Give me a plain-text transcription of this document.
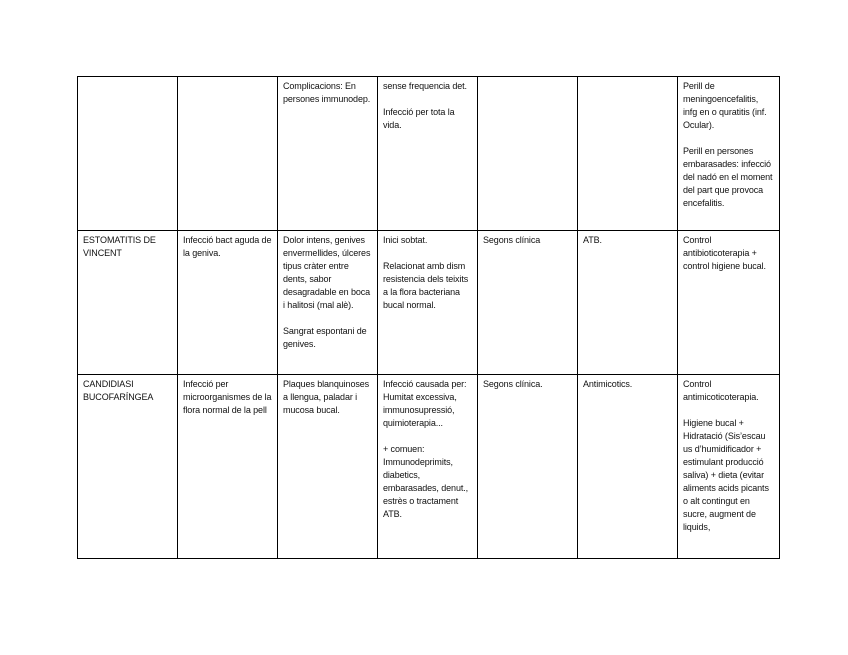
		Complicacions: En persones immunodep.	sense frequencia det.
Infecció per tota la vida.			Perill de meningoencefalitis, infg en o quratitis (inf. Ocular).
Perill en persones embarasades: infecció del nadó en el moment del part que provoca encefalitis.

ESTOMATITIS DE VINCENT	Infecció bact aguda de la geniva.	Dolor intens, genives envermellides, úlceres tipus cràter entre dents, sabor desagradable en boca i halitosi (mal alè).
Sangrat espontani de genives.	Inici sobtat.
Relacionat amb dism resistencia dels teixits a la flora bacteriana bucal normal.	Segons clínica	ATB.	Control antibioticoterapia + control higiene bucal.

CANDIDIASI BUCOFARÍNGEA	Infecció per microorganismes de la flora normal de la pell	Plaques blanquinoses a llengua, paladar i mucosa bucal.	Infecció causada per: Humitat excessiva, immunosupressió, quimioterapia...
+ comuen: Immunodeprimits, diabetics, embarasades, denut., estrès o tractament ATB.	Segons clínica.	Antimicotics.	Control antimicoticoterapia.
Higiene bucal + Hidratació (Sis’escau us d’humidificador + estimulant producció saliva) + dieta (evitar aliments acids picants o alt contingut en sucre, augment de liquids,
